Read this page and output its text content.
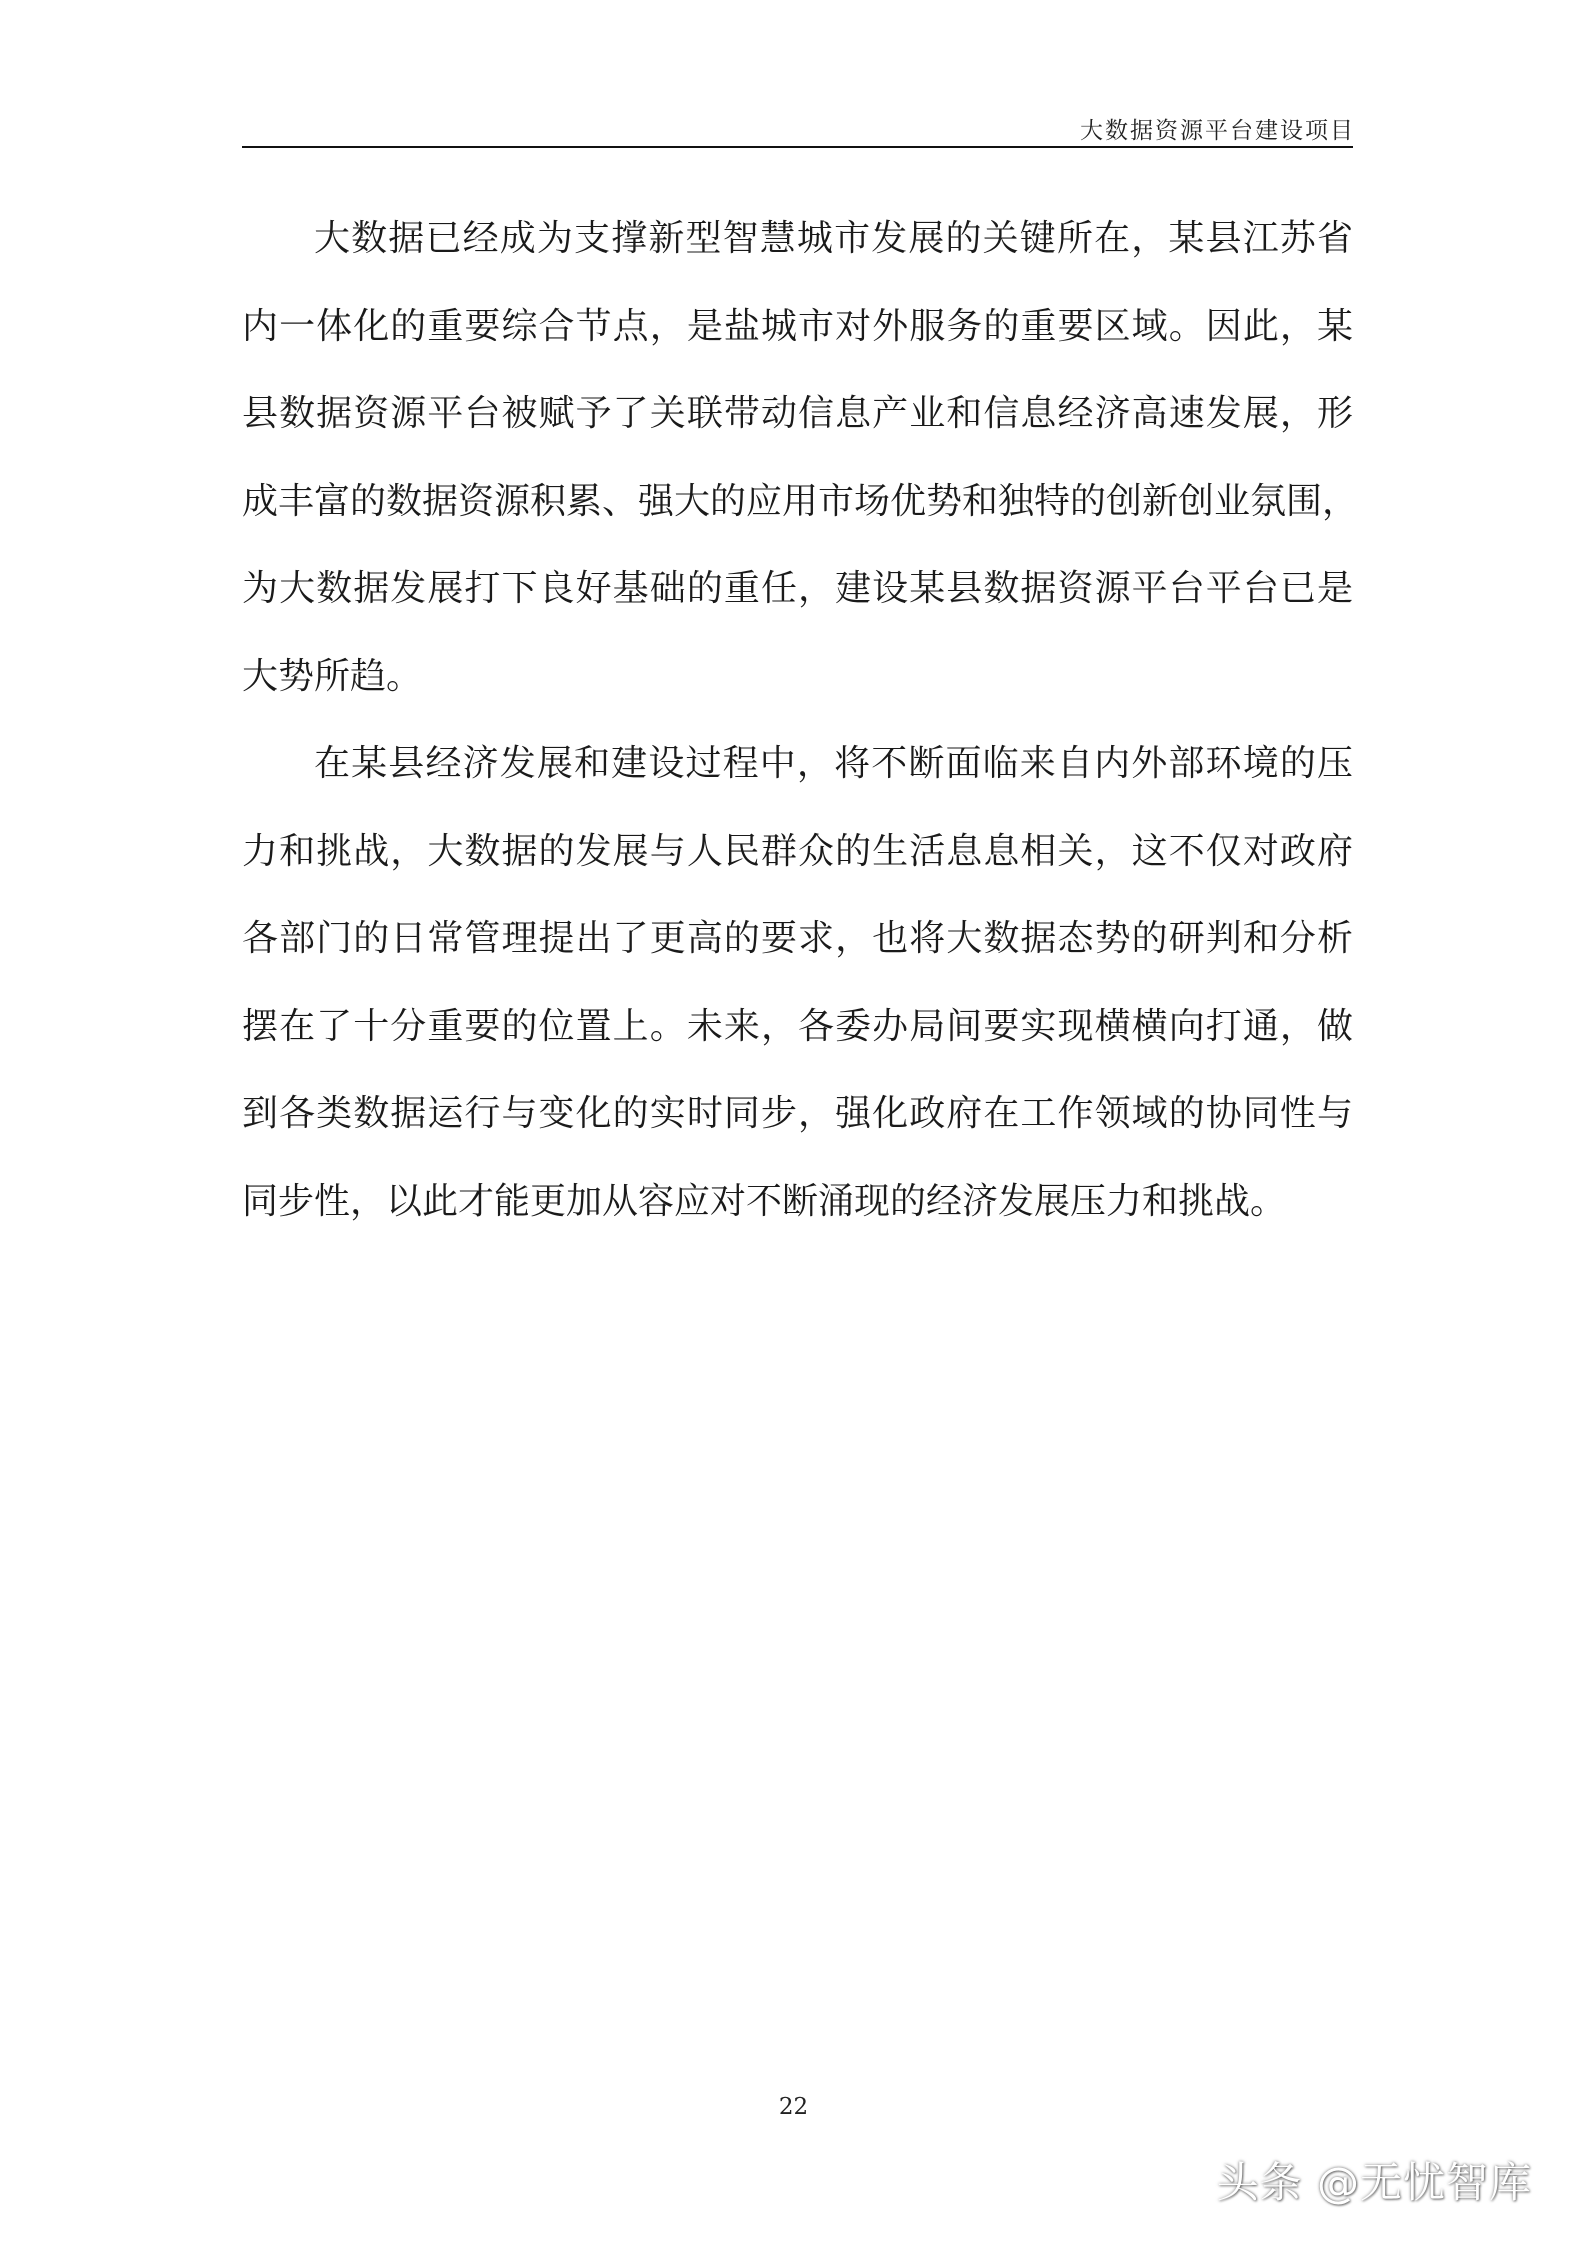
大数据资源平台建设项目
大数据已经成为支撑新型智慧城市发展的关键所在，某县江苏省
内一体化的重要综合节点，是盐城市对外服务的重要区域。因此，某
县数据资源平台被赋予了关联带动信息产业和信息经济高速发展，形
成丰富的数据资源积累、强大的应用市场优势和独特的创新创业氛围，
为大数据发展打下良好基础的重任，建设某县数据资源平台平台已是
大势所趋。
在某县经济发展和建设过程中，将不断面临来自内外部环境的压
力和挑战，大数据的发展与人民群众的生活息息相关，这不仅对政府
各部门的日常管理提出了更高的要求，也将大数据态势的研判和分析
摆在了十分重要的位置上。未来，各委办局间要实现横横向打通，做
到各类数据运行与变化的实时同步，强化政府在工作领域的协同性与
同步性，以此才能更加从容应对不断涌现的经济发展压力和挑战。
22
头条 @无忧智库
